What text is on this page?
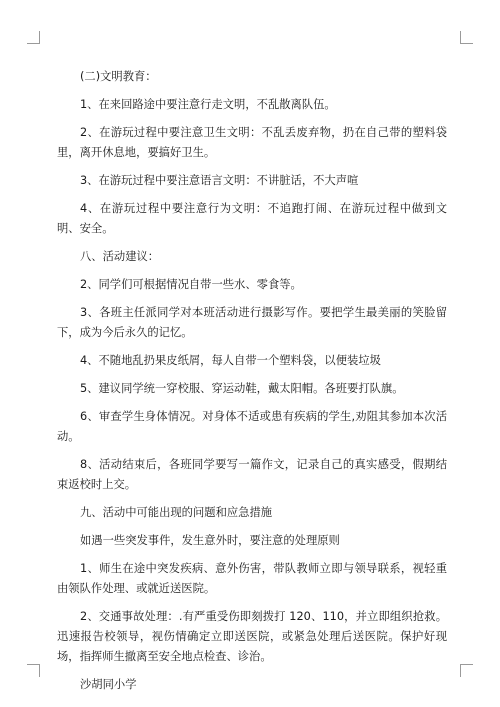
(二)文明教育：

1、在来回路途中要注意行走文明，不乱散离队伍。

2、在游玩过程中要注意卫生文明：不乱丢废弃物，扔在自己带的塑料袋里，离开休息地，要搞好卫生。

3、在游玩过程中要注意语言文明：不讲脏话，不大声喧

4、在游玩过程中要注意行为文明：不追跑打闹、在游玩过程中做到文明、安全。

八、活动建议：

2、同学们可根据情况自带一些水、零食等。

3、各班主任派同学对本班活动进行摄影写作。要把学生最美丽的笑脸留下，成为今后永久的记忆。

4、不随地乱扔果皮纸屑，每人自带一个塑料袋，以便装垃圾

5、建议同学统一穿校服、穿运动鞋，戴太阳帽。各班要打队旗。

6、审查学生身体情况。对身体不适或患有疾病的学生,劝阻其参加本次活动。

8、活动结束后，各班同学要写一篇作文，记录自己的真实感受，假期结束返校时上交。

九、活动中可能出现的问题和应急措施

如遇一些突发事件，发生意外时，要注意的处理原则

1、师生在途中突发疾病、意外伤害，带队教师立即与领导联系，视轻重由领队作处理、或就近送医院。

2、交通事故处理：.有严重受伤即刻拨打 120、110，并立即组织抢救。 迅速报告校领导，视伤情确定立即送医院，或紧急处理后送医院。保护好现场，指挥师生撤离至安全地点检查、诊治。

沙胡同小学
